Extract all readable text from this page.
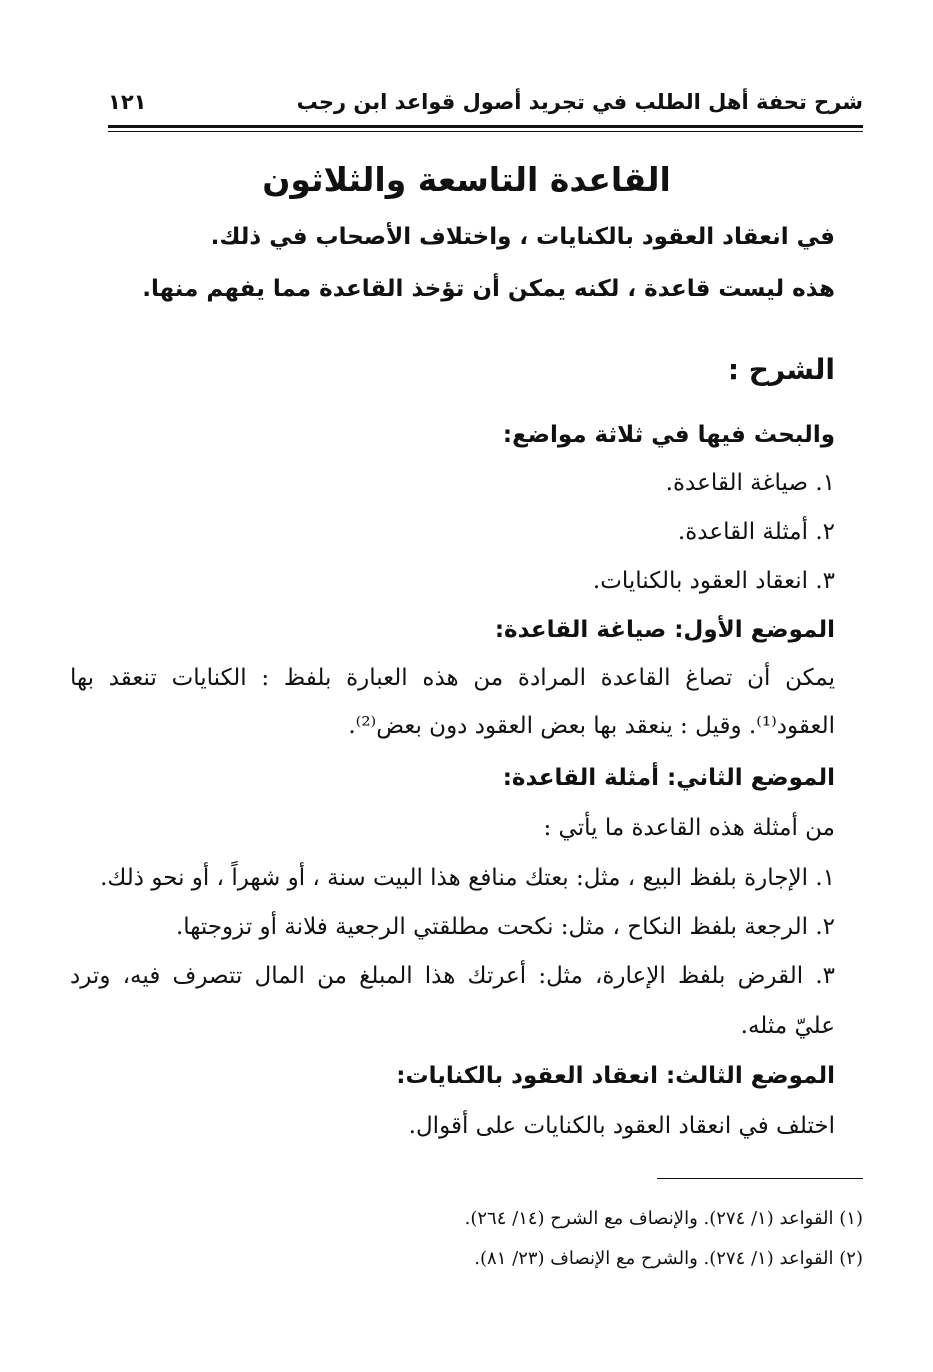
شرح تحفة أهل الطلب في تجريد أصول قواعد ابن رجب
١٢١
القاعدة التاسعة والثلاثون
في انعقاد العقود بالكنايات ، واختلاف الأصحاب في ذلك.
هذه ليست قاعدة ، لكنه يمكن أن تؤخذ القاعدة مما يفهم منها.
الشرح :
والبحث فيها في ثلاثة مواضع:
١. صياغة القاعدة.
٢. أمثلة القاعدة.
٣. انعقاد العقود بالكنايات.
الموضع الأول: صياغة القاعدة:
يمكن أن تصاغ القاعدة المرادة من هذه العبارة بلفظ : الكنايات تنعقد بها
العقود⁽¹⁾. وقيل : ينعقد بها بعض العقود دون بعض⁽²⁾.
الموضع الثاني: أمثلة القاعدة:
من أمثلة هذه القاعدة ما يأتي :
١. الإجارة بلفظ البيع ، مثل: بعتك منافع هذا البيت سنة ، أو شهراً ، أو نحو ذلك.
٢. الرجعة بلفظ النكاح ، مثل: نكحت مطلقتي الرجعية فلانة أو تزوجتها.
٣. القرض بلفظ الإعارة، مثل: أعرتك هذا المبلغ من المال تتصرف فيه، وترد
عليّ مثله.
الموضع الثالث: انعقاد العقود بالكنايات:
اختلف في انعقاد العقود بالكنايات على أقوال.
(١) القواعد (١/ ٢٧٤). والإنصاف مع الشرح (١٤/ ٢٦٤).
(٢) القواعد (١/ ٢٧٤). والشرح مع الإنصاف (٢٣/ ٨١).
